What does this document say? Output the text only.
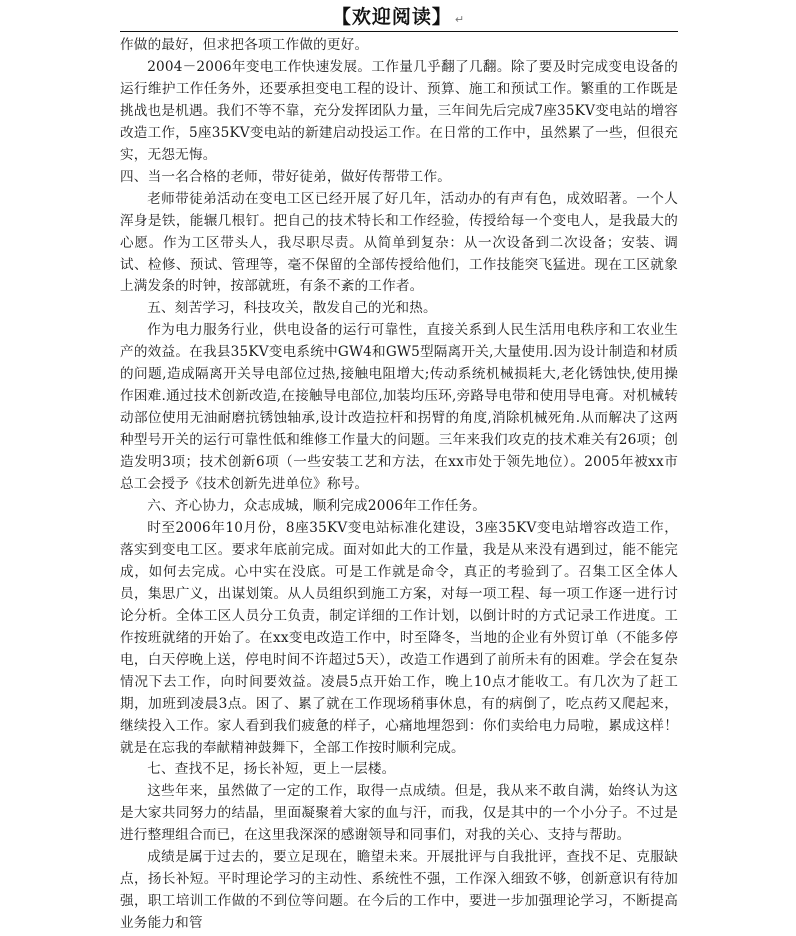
【欢迎阅读】 ↵

作做的最好，但求把各项工作做的更好。

2004－2006年变电工作快速发展。工作量几乎翻了几翻。除了要及时完成变电设备的运行维护工作任务外，还要承担变电工程的设计、预算、施工和预试工作。繁重的工作既是挑战也是机遇。我们不等不靠，充分发挥团队力量，三年间先后完成7座35KV变电站的增容改造工作，5座35KV变电站的新建启动投运工作。在日常的工作中，虽然累了一些，但很充实，无怨无悔。

四、当一名合格的老师，带好徒弟，做好传帮带工作。

老师带徒弟活动在变电工区已经开展了好几年，活动办的有声有色，成效昭著。一个人浑身是铁，能辗几根钉。把自己的技术特长和工作经验，传授给每一个变电人，是我最大的心愿。作为工区带头人，我尽职尽责。从简单到复杂：从一次设备到二次设备；安装、调试、检修、预试、管理等，毫不保留的全部传授给他们，工作技能突飞猛进。现在工区就象上满发条的时钟，按部就班，有条不紊的工作者。

五、刻苦学习，科技攻关，散发自己的光和热。

作为电力服务行业，供电设备的运行可靠性，直接关系到人民生活用电秩序和工农业生产的效益。在我县35KV变电系统中GW4和GW5型隔离开关,大量使用.因为设计制造和材质的问题,造成隔离开关导电部位过热,接触电阻增大;传动系统机械损耗大,老化锈蚀快,使用操作困难.通过技术创新改造,在接触导电部位,加装均压环,旁路导电带和使用导电膏。对机械转动部位使用无油耐磨抗锈蚀轴承,设计改造拉杆和拐臂的角度,消除机械死角.从而解决了这两种型号开关的运行可靠性低和维修工作量大的问题。三年来我们攻克的技术难关有26项；创造发明3项；技术创新6项（一些安装工艺和方法，在xx市处于领先地位）。2005年被xx市总工会授予《技术创新先进单位》称号。

六、齐心协力，众志成城，顺利完成2006年工作任务。

时至2006年10月份，8座35KV变电站标准化建设，3座35KV变电站增容改造工作，落实到变电工区。要求年底前完成。面对如此大的工作量，我是从来没有遇到过，能不能完成，如何去完成。心中实在没底。可是工作就是命令，真正的考验到了。召集工区全体人员，集思广义，出谋划策。从人员组织到施工方案，对每一项工程、每一项工作逐一进行讨论分析。全体工区人员分工负责，制定详细的工作计划，以倒计时的方式记录工作进度。工作按班就绪的开始了。在xx变电改造工作中，时至降冬，当地的企业有外贸订单（不能多停电，白天停晚上送，停电时间不许超过5天），改造工作遇到了前所未有的困难。学会在复杂情况下去工作，向时间要效益。凌晨5点开始工作，晚上10点才能收工。有几次为了赶工期，加班到凌晨3点。困了、累了就在工作现场稍事休息，有的病倒了，吃点药又爬起来，继续投入工作。家人看到我们疲惫的样子，心痛地埋怨到：你们卖给电力局啦，累成这样！就是在忘我的奉献精神鼓舞下，全部工作按时顺利完成。

七、查找不足，扬长补短，更上一层楼。

这些年来，虽然做了一定的工作，取得一点成绩。但是，我从来不敢自满，始终认为这是大家共同努力的结晶，里面凝聚着大家的血与汗，而我，仅是其中的一个小分子。不过是进行整理组合而已，在这里我深深的感谢领导和同事们，对我的关心、支持与帮助。

成绩是属于过去的，要立足现在，瞻望未来。开展批评与自我批评，查找不足、克服缺点，扬长补短。平时理论学习的主动性、系统性不强，工作深入细致不够，创新意识有待加强，职工培训工作做的不到位等问题。在今后的工作中，要进一步加强理论学习，不断提高业务能力和管
